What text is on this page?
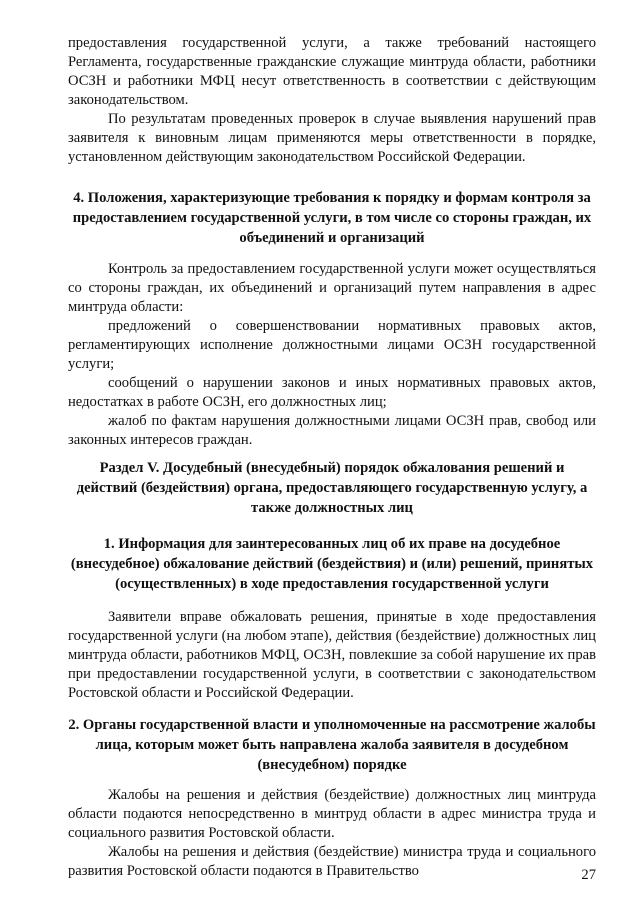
предоставления государственной услуги, а также требований настоящего Регламента, государственные гражданские служащие минтруда области, работники ОСЗН и работники МФЦ несут ответственность в соответствии с действующим законодательством.

По результатам проведенных проверок в случае выявления нарушений прав заявителя к виновным лицам применяются меры ответственности в порядке, установленном действующим законодательством Российской Федерации.

4. Положения, характеризующие требования к порядку и формам контроля за предоставлением государственной услуги, в том числе со стороны граждан, их объединений и организаций

Контроль за предоставлением государственной услуги может осуществляться со стороны граждан, их объединений и организаций путем направления в адрес минтруда области:

предложений о совершенствовании нормативных правовых актов, регламентирующих исполнение должностными лицами ОСЗН государственной услуги;

сообщений о нарушении законов и иных нормативных правовых актов, недостатках в работе ОСЗН, его должностных лиц;

жалоб по фактам нарушения должностными лицами ОСЗН прав, свобод или законных интересов граждан.

Раздел V. Досудебный (внесудебный) порядок обжалования решений и действий (бездействия) органа, предоставляющего государственную услугу, а также должностных лиц
1. Информация для заинтересованных лиц об их праве на досудебное (внесудебное) обжалование действий (бездействия) и (или) решений, принятых (осуществленных) в ходе предоставления государственной услуги

Заявители вправе обжаловать решения, принятые в ходе предоставления государственной услуги (на любом этапе), действия (бездействие) должностных лиц минтруда области, работников МФЦ, ОСЗН, повлекшие за собой нарушение их прав при предоставлении государственной услуги, в соответствии с законодательством Ростовской области и Российской Федерации.

2. Органы государственной власти и уполномоченные на рассмотрение жалобы лица, которым может быть направлена жалоба заявителя в досудебном (внесудебном) порядке

Жалобы на решения и действия (бездействие) должностных лиц минтруда области подаются непосредственно в минтруд области в адрес министра труда и социального развития Ростовской области.

Жалобы на решения и действия (бездействие) министра труда и социального развития Ростовской области подаются в Правительство	27
